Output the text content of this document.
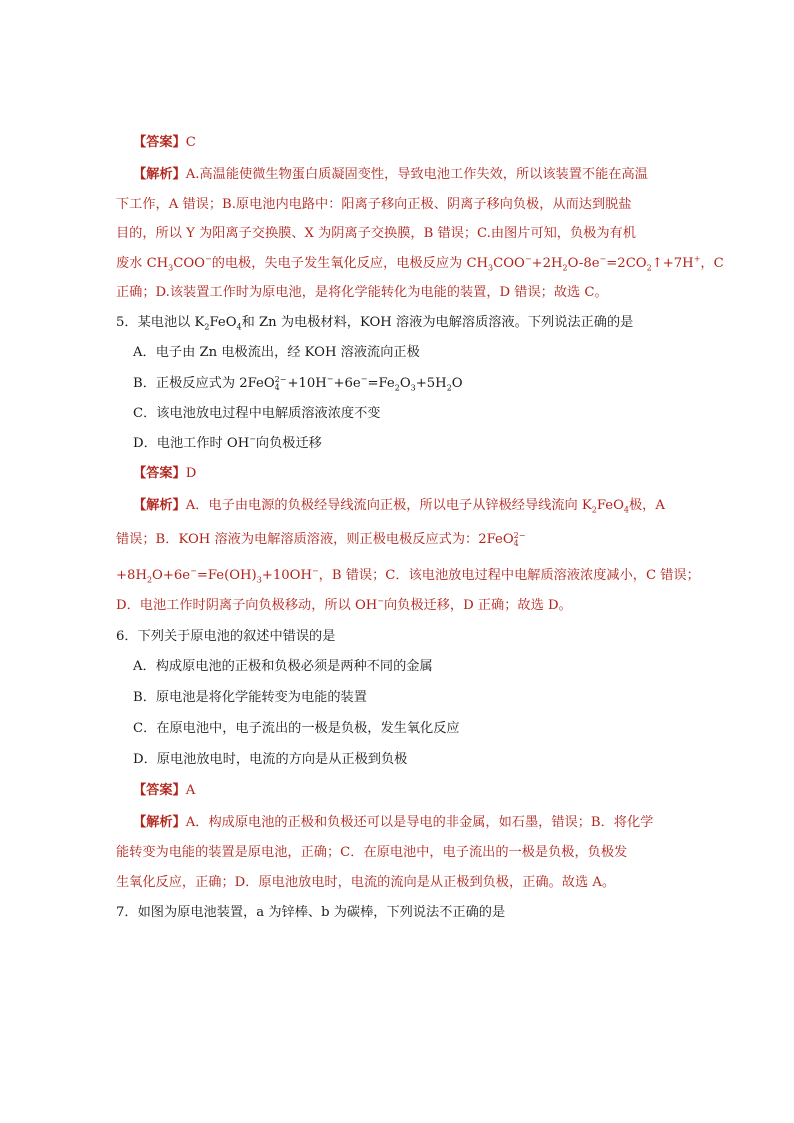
【答案】C
【解析】A.高温能使微生物蛋白质凝固变性，导致电池工作失效，所以该装置不能在高温
下工作，A 错误；B.原电池内电路中：阳离子移向正极、阴离子移向负极，从而达到脱盐
目的，所以 Y 为阳离子交换膜、X 为阴离子交换膜，B 错误；C.由图片可知，负极为有机
废水 $CH_3COO^-$的电极，失电子发生氧化反应，电极反应为 $CH_3COO^-+2H_2O-8e^-=2CO_2↑+7H^+$，C
正确；D.该装置工作时为原电池，是将化学能转化为电能的装置，D 错误；故选 C。
5．某电池以 $K_2FeO_4$和 Zn 为电极材料，KOH 溶液为电解溶质溶液。下列说法正确的是
A．电子由 Zn 电极流出，经 KOH 溶液流向正极
B．正极反应式为 2FeO2−
$4 +10H^-+6e^-=Fe_2O_3+5H_2O$
C．该电池放电过程中电解质溶液浓度不变
D．电池工作时 OH−向负极迁移
【答案】D
【解析】A．电子由电源的负极经导线流向正极，所以电子从锌极经导线流向 $K_2FeO_4$极，A
错误；B．KOH 溶液为电解溶质溶液，则正极电极反应式为：2FeO2−
4
$+8H_2O+6e^-=Fe(OH)_3+10OH^-$，B 错误；C．该电池放电过程中电解质溶液浓度减小，C 错误；
D．电池工作时阴离子向负极移动，所以 OH−向负极迁移，D 正确；故选 D。
6．下列关于原电池的叙述中错误的是
A．构成原电池的正极和负极必须是两种不同的金属
B．原电池是将化学能转变为电能的装置
C．在原电池中，电子流出的一极是负极，发生氧化反应
D．原电池放电时，电流的方向是从正极到负极
【答案】A
【解析】A．构成原电池的正极和负极还可以是导电的非金属，如石墨，错误；B．将化学
能转变为电能的装置是原电池，正确；C．在原电池中，电子流出的一极是负极，负极发
生氧化反应，正确；D．原电池放电时，电流的流向是从正极到负极，正确。故选 A。
7．如图为原电池装置，a 为锌棒、b 为碳棒，下列说法不正确的是
